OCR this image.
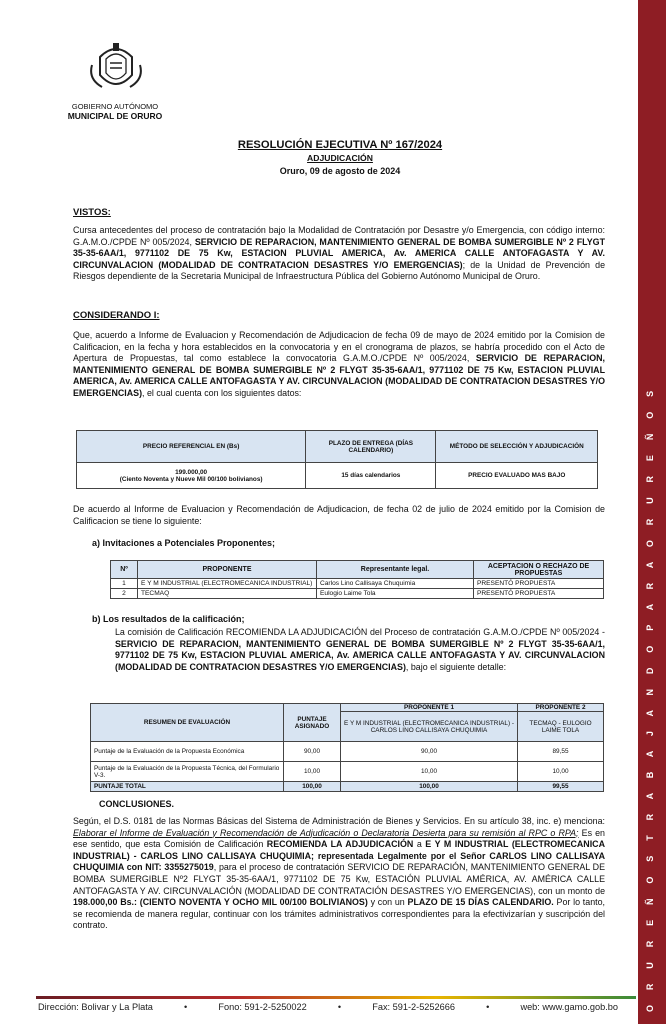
O R U R E Ñ O S T R A B A J A N D O P A R A O R U R E Ñ O S
GOBIERNO AUTÓNOMO
MUNICIPAL DE ORURO
RESOLUCIÓN EJECUTIVA Nº 167/2024
ADJUDICACIÓN
Oruro, 09 de agosto de 2024
VISTOS:
Cursa antecedentes del proceso de contratación bajo la Modalidad de Contratación por Desastre y/o Emergencia, con código interno: G.A.M.O./CPDE Nº 005/2024, SERVICIO DE REPARACION, MANTENIMIENTO GENERAL DE BOMBA SUMERGIBLE Nº 2 FLYGT 35-35-6AA/1, 9771102 DE 75 Kw, ESTACION PLUVIAL AMERICA, Av. AMERICA CALLE ANTOFAGASTA Y AV. CIRCUNVALACION (MODALIDAD DE CONTRATACION DESASTRES Y/O EMERGENCIAS); de la Unidad de Prevención de Riesgos dependiente de la Secretaria Municipal de Infraestructura Pública del Gobierno Autónomo Municipal de Oruro.
CONSIDERANDO I:
Que, acuerdo a Informe de Evaluacion y Recomendación de Adjudicacion de fecha 09 de mayo de 2024 emitido por la Comision de Calificacion, en la fecha y hora establecidos en la convocatoria y en el cronograma de plazos, se habría procedido con el Acto de Apertura de Propuestas, tal como establece la convocatoria G.A.M.O./CPDE Nº 005/2024, SERVICIO DE REPARACION, MANTENIMIENTO GENERAL DE BOMBA SUMERGIBLE Nº 2 FLYGT 35-35-6AA/1, 9771102 DE 75 Kw, ESTACION PLUVIAL AMERICA, Av. AMERICA CALLE ANTOFAGASTA Y AV. CIRCUNVALACION (MODALIDAD DE CONTRATACION DESASTRES Y/O EMERGENCIAS), el cual cuenta con los siguientes datos:
PRECIO REFERENCIAL EN (Bs)	PLAZO DE ENTREGA (DÍAS CALENDARIO)	MÉTODO DE SELECCIÓN Y ADJUDICACIÓN

199.000,00
(Ciento Noventa y Nueve Mil 00/100 bolivianos)	15 días calendarios	PRECIO EVALUADO MAS BAJO
De acuerdo al Informe de Evaluacion y Recomendación de Adjudicacion, de fecha 02 de julio de 2024 emitido por la Comision de Calificacion se tiene lo siguiente:
a) Invitaciones a Potenciales Proponentes;
Nº	PROPONENTE	Representante legal.	ACEPTACION O RECHAZO DE PROPUESTAS
1	E Y M INDUSTRIAL (ELECTROMECANICA INDUSTRIAL)	Carlos Lino Callisaya Chuquimia	PRESENTÓ PROPUESTA
2	TECMAQ	Eulogio Laime Tola	PRESENTÓ PROPUESTA
b) Los resultados de la calificación;
La comisión de Calificación RECOMIENDA LA ADJUDICACIÓN del Proceso de contratación G.A.M.O./CPDE Nº 005/2024 - SERVICIO DE REPARACION, MANTENIMIENTO GENERAL DE BOMBA SUMERGIBLE Nº 2 FLYGT 35-35-6AA/1, 9771102 DE 75 Kw, ESTACION PLUVIAL AMERICA, Av. AMERICA CALLE ANTOFAGASTA Y AV. CIRCUNVALACION (MODALIDAD DE CONTRATACION DESASTRES Y/O EMERGENCIAS), bajo el siguiente detalle:
RESUMEN DE EVALUACIÓN	PUNTAJE ASIGNADO	PROPONENTE 1	PROPONENTE 2
		E Y M INDUSTRIAL (ELECTROMECANICA INDUSTRIAL) - CARLOS LINO CALLISAYA CHUQUIMIA	TECMAQ - EULOGIO LAIME TOLA
Puntaje de la Evaluación de la Propuesta Económica	90,00	90,00	89,55
Puntaje de la Evaluación de la Propuesta Técnica, del Formulario V-3.	10,00	10,00	10,00
PUNTAJE TOTAL	100,00	100,00	99,55
CONCLUSIONES.
Según, el D.S. 0181 de las Normas Básicas del Sistema de Administración de Bienes y Servicios. En su artículo 38, inc. e) menciona: Elaborar el Informe de Evaluación y Recomendación de Adjudicación o Declaratoria Desierta para su remisión al RPC o RPA; Es en ese sentido, que esta Comisión de Calificación RECOMIENDA LA ADJUDICACIÓN a E Y M INDUSTRIAL (ELECTROMECANICA INDUSTRIAL) - CARLOS LINO CALLISAYA CHUQUIMIA; representada Legalmente por el Señor CARLOS LINO CALLISAYA CHUQUIMIA con NIT: 3355275019, para el proceso de contratación SERVICIO DE REPARACIÓN, MANTENIMIENTO GENERAL DE BOMBA SUMERGIBLE Nº2 FLYGT 35-35-6AA/1, 9771102 DE 75 Kw, ESTACIÓN PLUVIAL AMÉRICA, AV. AMÉRICA CALLE ANTOFAGASTA Y AV. CIRCUNVALACIÓN (MODALIDAD DE CONTRATACIÓN DESASTRES Y/O EMERGENCIAS), con un monto de 198.000,00 Bs.: (CIENTO NOVENTA Y OCHO MIL 00/100 BOLIVIANOS) y con un PLAZO DE 15 DÍAS CALENDARIO. Por lo tanto, se recomienda de manera regular, continuar con los trámites administrativos correspondientes para la efectivizarían y suscripción del contrato.
Dirección: Bolivar y La Plata	•	Fono: 591-2-5250022	•	Fax: 591-2-5252666	•	web: www.gamo.gob.bo
